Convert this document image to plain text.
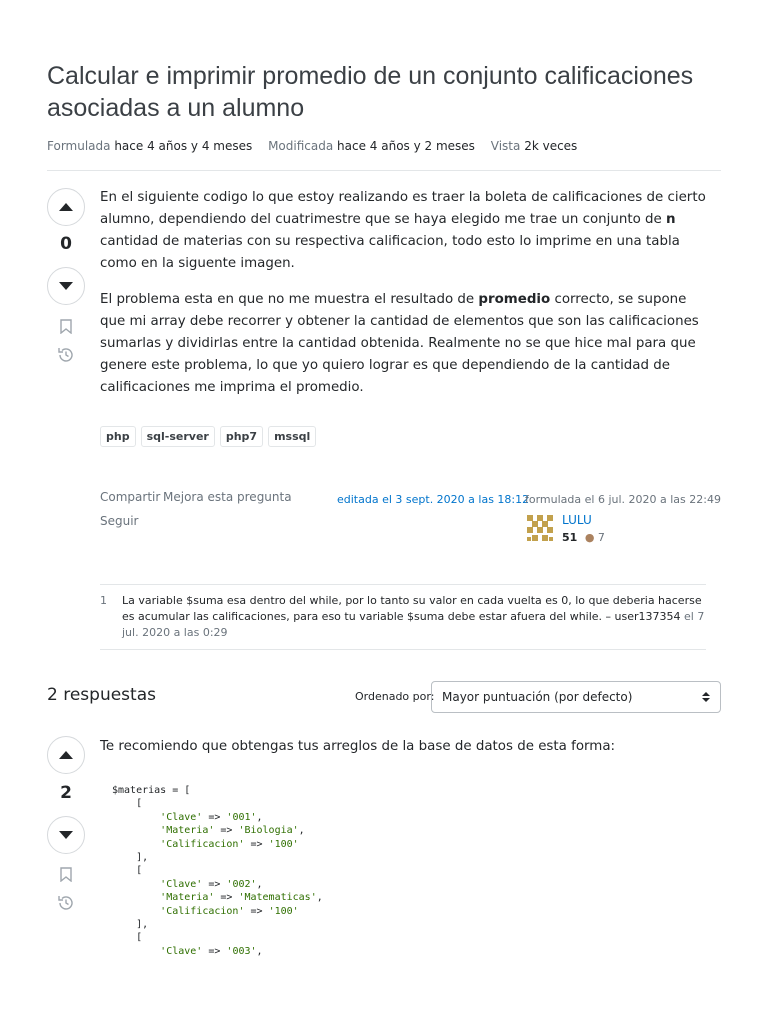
Calcular e imprimir promedio de un conjunto calificaciones asociadas a un alumno
Formulada hace 4 años y 4 meses Modificada hace 4 años y 2 meses Vista 2k veces
0

En el siguiente codigo lo que estoy realizando es traer la boleta de calificaciones de cierto alumno, dependiendo del cuatrimestre que se haya elegido me trae un conjunto de n cantidad de materias con su respectiva calificacion, todo esto lo imprime en una tabla como en la siguente imagen.

El problema esta en que no me muestra el resultado de promedio correcto, se supone que mi array debe recorrer y obtener la cantidad de elementos que son las calificaciones sumarlas y dividirlas entre la cantidad obtenida. Realmente no se que hice mal para que genere este problema, lo que yo quiero lograr es que dependiendo de la cantidad de calificaciones me imprima el promedio.

php	sql-server	php7	mssql
Compartir Mejora esta pregunta
Seguir
editada el 3 sept. 2020 a las 18:12
formulada el 6 jul. 2020 a las 22:49
LULU
51 ● 7
1	La variable $suma esa dentro del while, por lo tanto su valor en cada vuelta es 0, lo que deberia hacerse es acumular las calificaciones, para eso tu variable $suma debe estar afuera del while. – user137354 el 7 jul. 2020 a las 0:29
2 respuestas	Ordenado por: Mayor puntuación (por defecto)
2
Te recomiendo que obtengas tus arreglos de la base de datos de esta forma:
$materias = [
[
'Clave' => '001',
'Materia' => 'Biologia',
'Calificacion' => '100'
],
[
'Clave' => '002',
'Materia' => 'Matematicas',
'Calificacion' => '100'
],
[
'Clave' => '003',
